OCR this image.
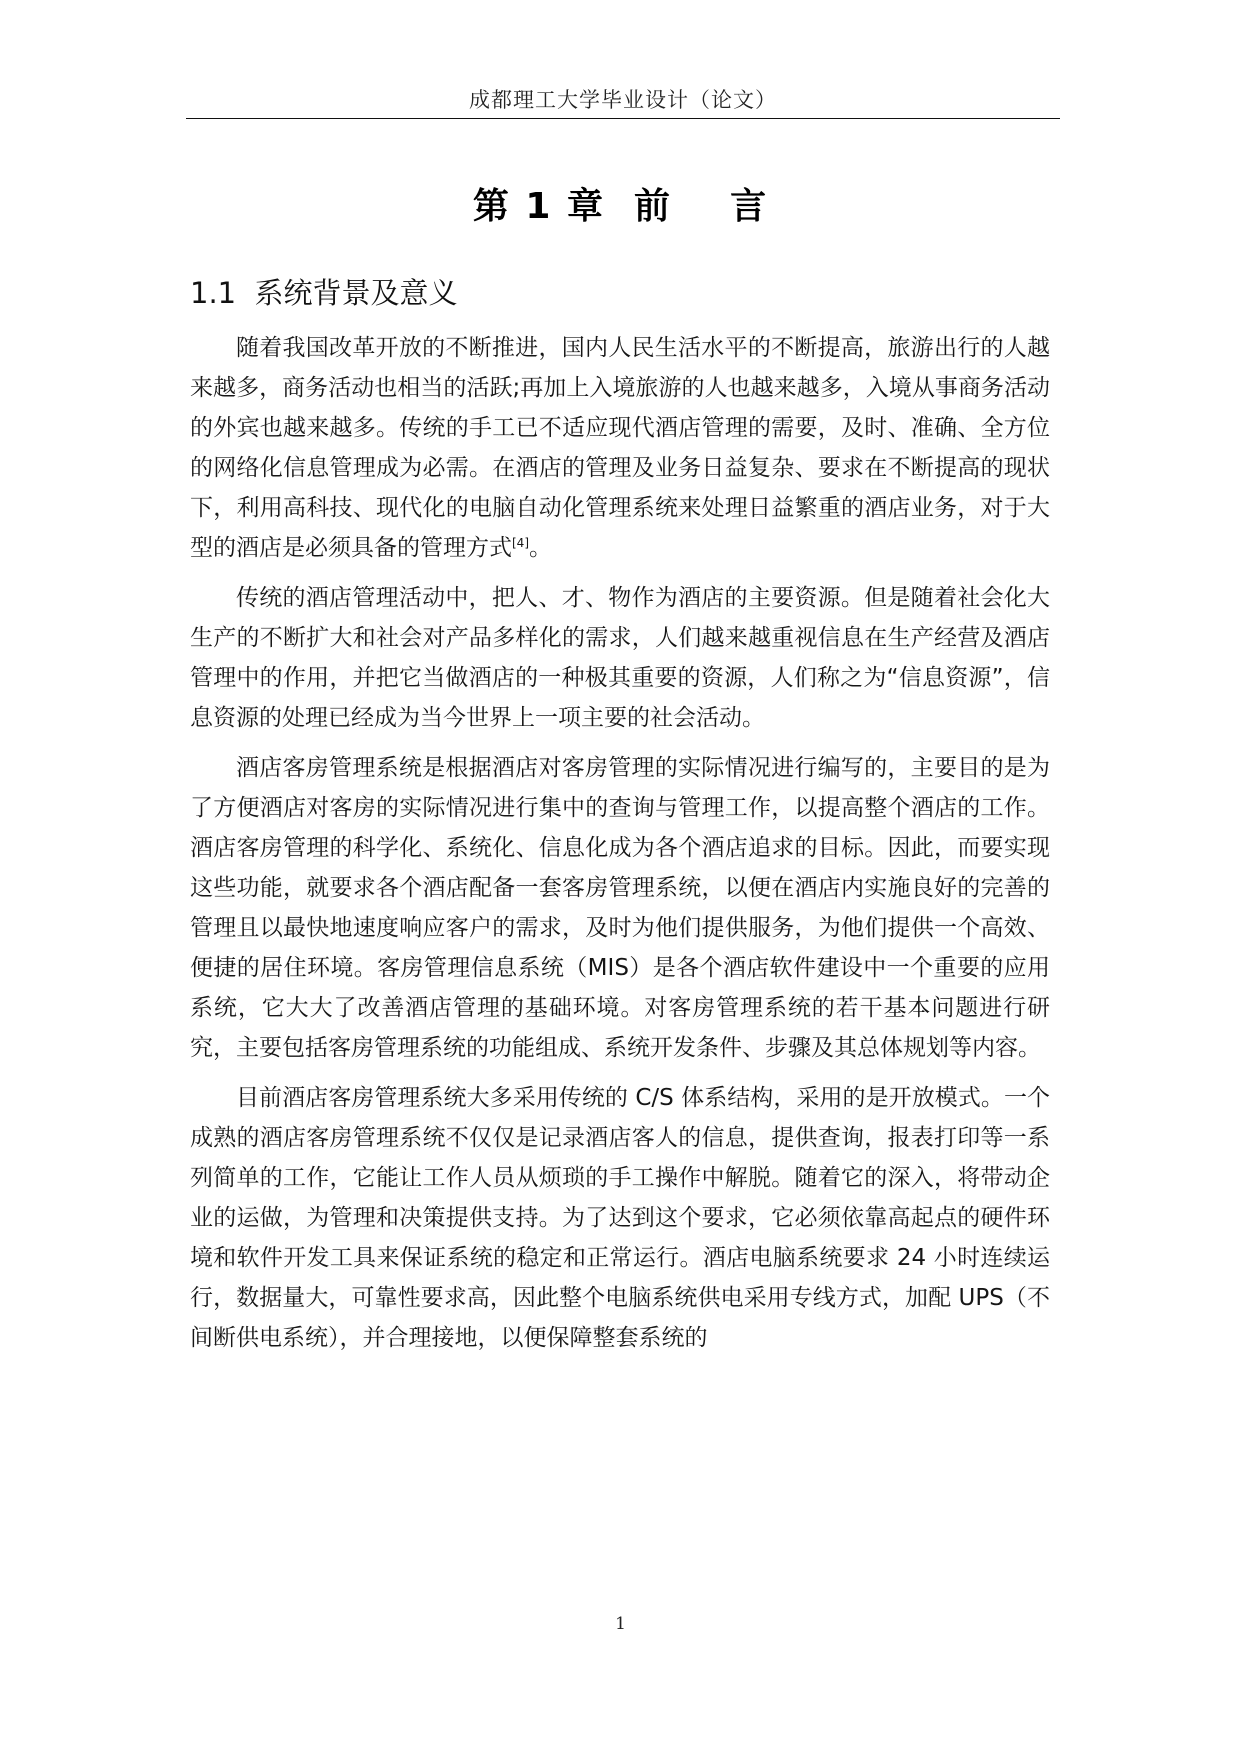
成都理工大学毕业设计（论文）
第 1 章  前    言
1.1  系统背景及意义

随着我国改革开放的不断推进，国内人民生活水平的不断提高，旅游出行的人越来越多，商务活动也相当的活跃;再加上入境旅游的人也越来越多，入境从事商务活动的外宾也越来越多。传统的手工已不适应现代酒店管理的需要，及时、准确、全方位的网络化信息管理成为必需。在酒店的管理及业务日益复杂、要求在不断提高的现状下，利用高科技、现代化的电脑自动化管理系统来处理日益繁重的酒店业务，对于大型的酒店是必须具备的管理方式[4]。

传统的酒店管理活动中，把人、才、物作为酒店的主要资源。但是随着社会化大生产的不断扩大和社会对产品多样化的需求，人们越来越重视信息在生产经营及酒店管理中的作用，并把它当做酒店的一种极其重要的资源，人们称之为“信息资源”，信息资源的处理已经成为当今世界上一项主要的社会活动。

酒店客房管理系统是根据酒店对客房管理的实际情况进行编写的，主要目的是为了方便酒店对客房的实际情况进行集中的查询与管理工作，以提高整个酒店的工作。酒店客房管理的科学化、系统化、信息化成为各个酒店追求的目标。因此，而要实现这些功能，就要求各个酒店配备一套客房管理系统，以便在酒店内实施良好的完善的管理且以最快地速度响应客户的需求，及时为他们提供服务，为他们提供一个高效、便捷的居住环境。客房管理信息系统（MIS）是各个酒店软件建设中一个重要的应用系统，它大大了改善酒店管理的基础环境。对客房管理系统的若干基本问题进行研究，主要包括客房管理系统的功能组成、系统开发条件、步骤及其总体规划等内容。

目前酒店客房管理系统大多采用传统的 C/S 体系结构，采用的是开放模式。一个成熟的酒店客房管理系统不仅仅是记录酒店客人的信息，提供查询，报表打印等一系列简单的工作，它能让工作人员从烦琐的手工操作中解脱。随着它的深入，将带动企业的运做，为管理和决策提供支持。为了达到这个要求，它必须依靠高起点的硬件环境和软件开发工具来保证系统的稳定和正常运行。酒店电脑系统要求 24 小时连续运行，数据量大，可靠性要求高，因此整个电脑系统供电采用专线方式，加配 UPS（不间断供电系统），并合理接地，以便保障整套系统的

1
